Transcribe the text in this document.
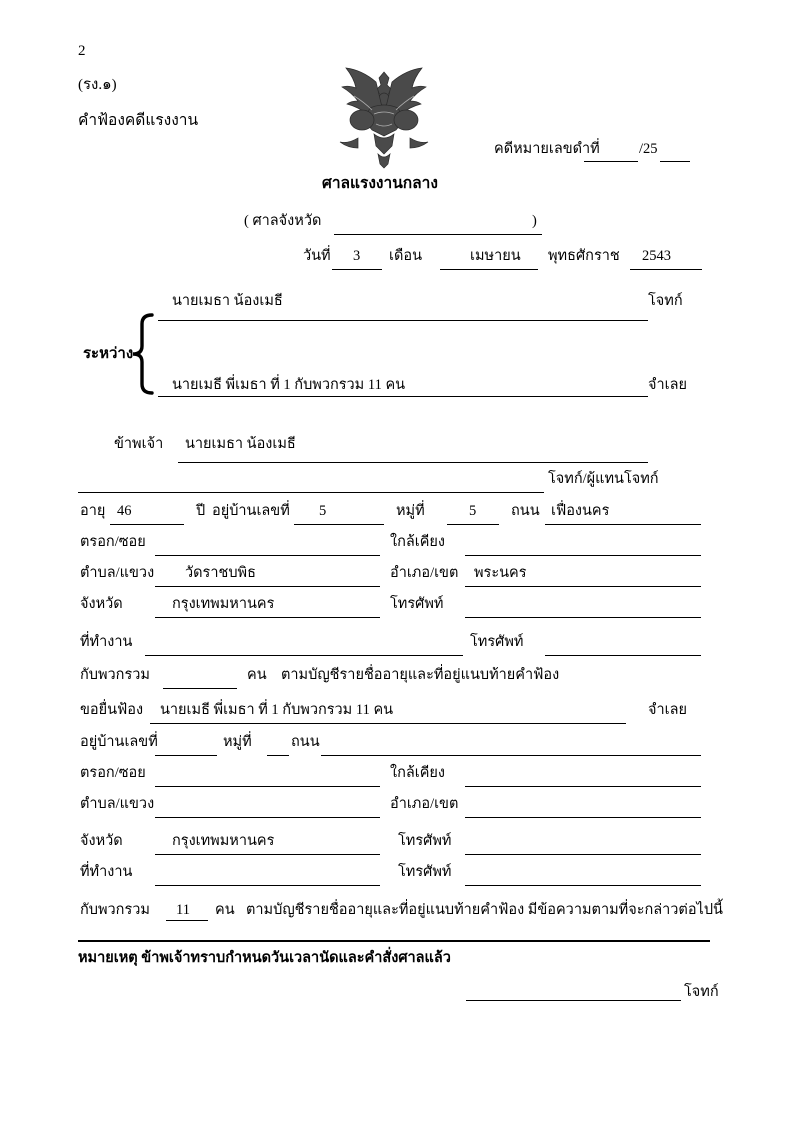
2
(รง.๑)
คำฟ้องคดีแรงงาน
คดีหมายเลขดำที่	/25
ศาลแรงงานกลาง
( ศาลจังหวัด	)
วันที่ 3 เดือน	เมษายน พุทธศักราช 2543
นายเมธา น้องเมธี	โจทก์
ระหว่าง
นายเมธี พี่เมธา ที่ 1 กับพวกรวม 11 คน	จำเลย
ข้าพเจ้า นายเมธา น้องเมธี
โจทก์/ผู้แทนโจทก์
อายุ 46	ปี อยู่บ้านเลขที่ 5	หมู่ที่	5 ถนน เฟื่องนคร
ตรอก/ซอย	ใกล้เคียง
ตำบล/แขวง วัดราชบพิธ	อำเภอ/เขต พระนคร
จังหวัด	กรุงเทพมหานคร	โทรศัพท์
ที่ทำงาน	โทรศัพท์
กับพวกรวม	คน ตามบัญชีรายชื่ออายุและที่อยู่แนบท้ายคำฟ้อง
ขอยื่นฟ้อง นายเมธี พี่เมธา ที่ 1 กับพวกรวม 11 คน	จำเลย
อยู่บ้านเลขที่	หมู่ที่	ถนน
ตรอก/ซอย	ใกล้เคียง
ตำบล/แขวง	อำเภอ/เขต
จังหวัด	กรุงเทพมหานคร	โทรศัพท์
ที่ทำงาน	โทรศัพท์
กับพวกรวม 11 คน ตามบัญชีรายชื่ออายุและที่อยู่แนบท้ายคำฟ้อง มีข้อความตามที่จะกล่าวต่อไปนี้
หมายเหตุ ข้าพเจ้าทราบกำหนดวันเวลานัดและคำสั่งศาลแล้ว
โจทก์
